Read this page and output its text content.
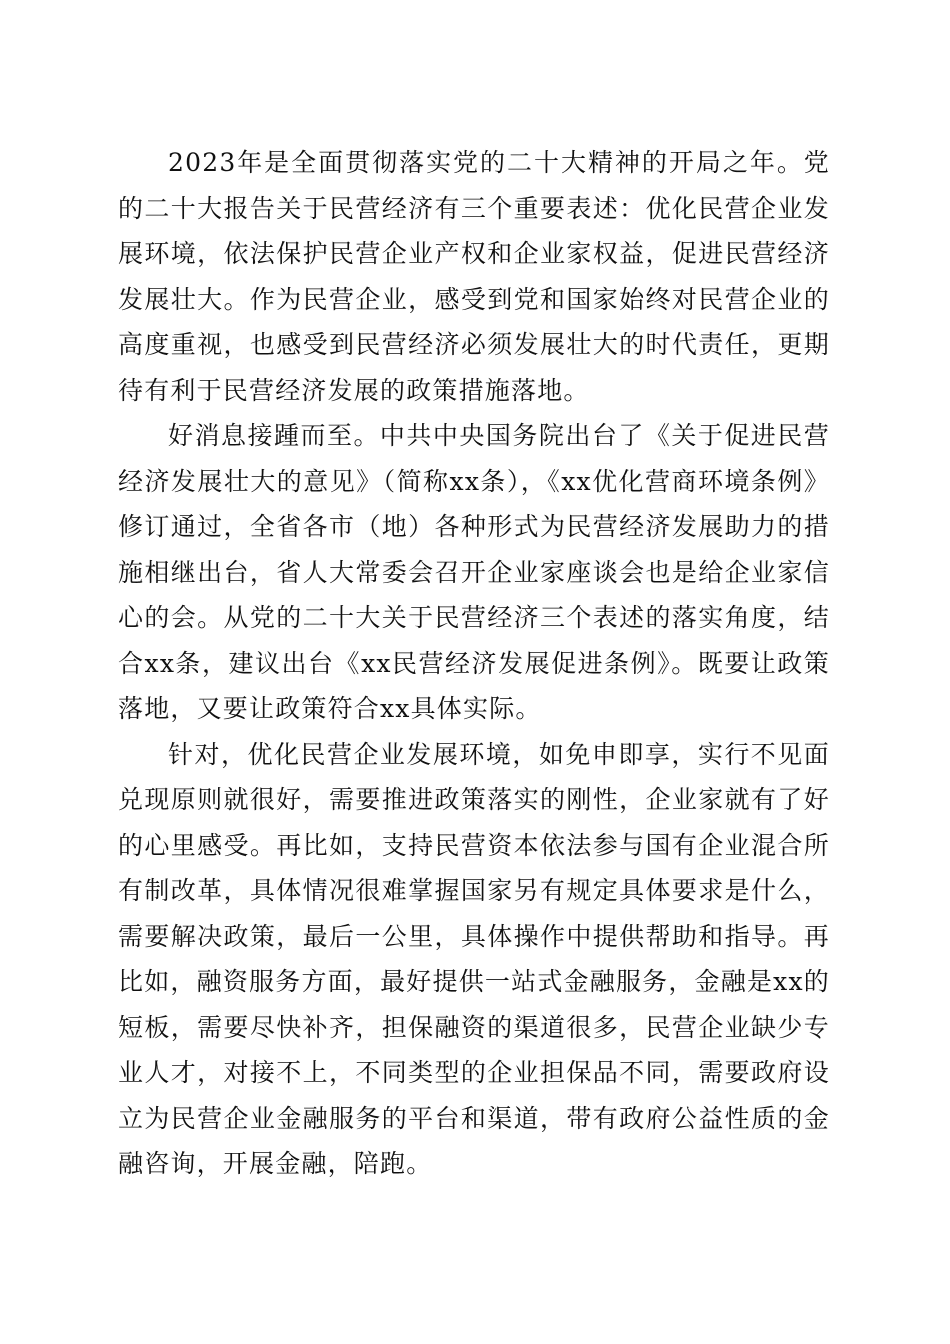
2023年是全面贯彻落实党的二十大精神的开局之年。党的二十大报告关于民营经济有三个重要表述：优化民营企业发展环境，依法保护民营企业产权和企业家权益，促进民营经济发展壮大。作为民营企业，感受到党和国家始终对民营企业的高度重视，也感受到民营经济必须发展壮大的时代责任，更期待有利于民营经济发展的政策措施落地。

好消息接踵而至。中共中央国务院出台了《关于促进民营经济发展壮大的意见》（简称xx条），《xx优化营商环境条例》修订通过，全省各市（地）各种形式为民营经济发展助力的措施相继出台，省人大常委会召开企业家座谈会也是给企业家信心的会。从党的二十大关于民营经济三个表述的落实角度，结合xx条，建议出台《xx民营经济发展促进条例》。既要让政策落地，又要让政策符合xx具体实际。

针对，优化民营企业发展环境，如免申即享，实行不见面兑现原则就很好，需要推进政策落实的刚性，企业家就有了好的心里感受。再比如，支持民营资本依法参与国有企业混合所有制改革，具体情况很难掌握国家另有规定具体要求是什么，需要解决政策，最后一公里，具体操作中提供帮助和指导。再比如，融资服务方面，最好提供一站式金融服务，金融是xx的短板，需要尽快补齐，担保融资的渠道很多，民营企业缺少专业人才，对接不上，不同类型的企业担保品不同，需要政府设立为民营企业金融服务的平台和渠道，带有政府公益性质的金融咨询，开展金融，陪跑。
